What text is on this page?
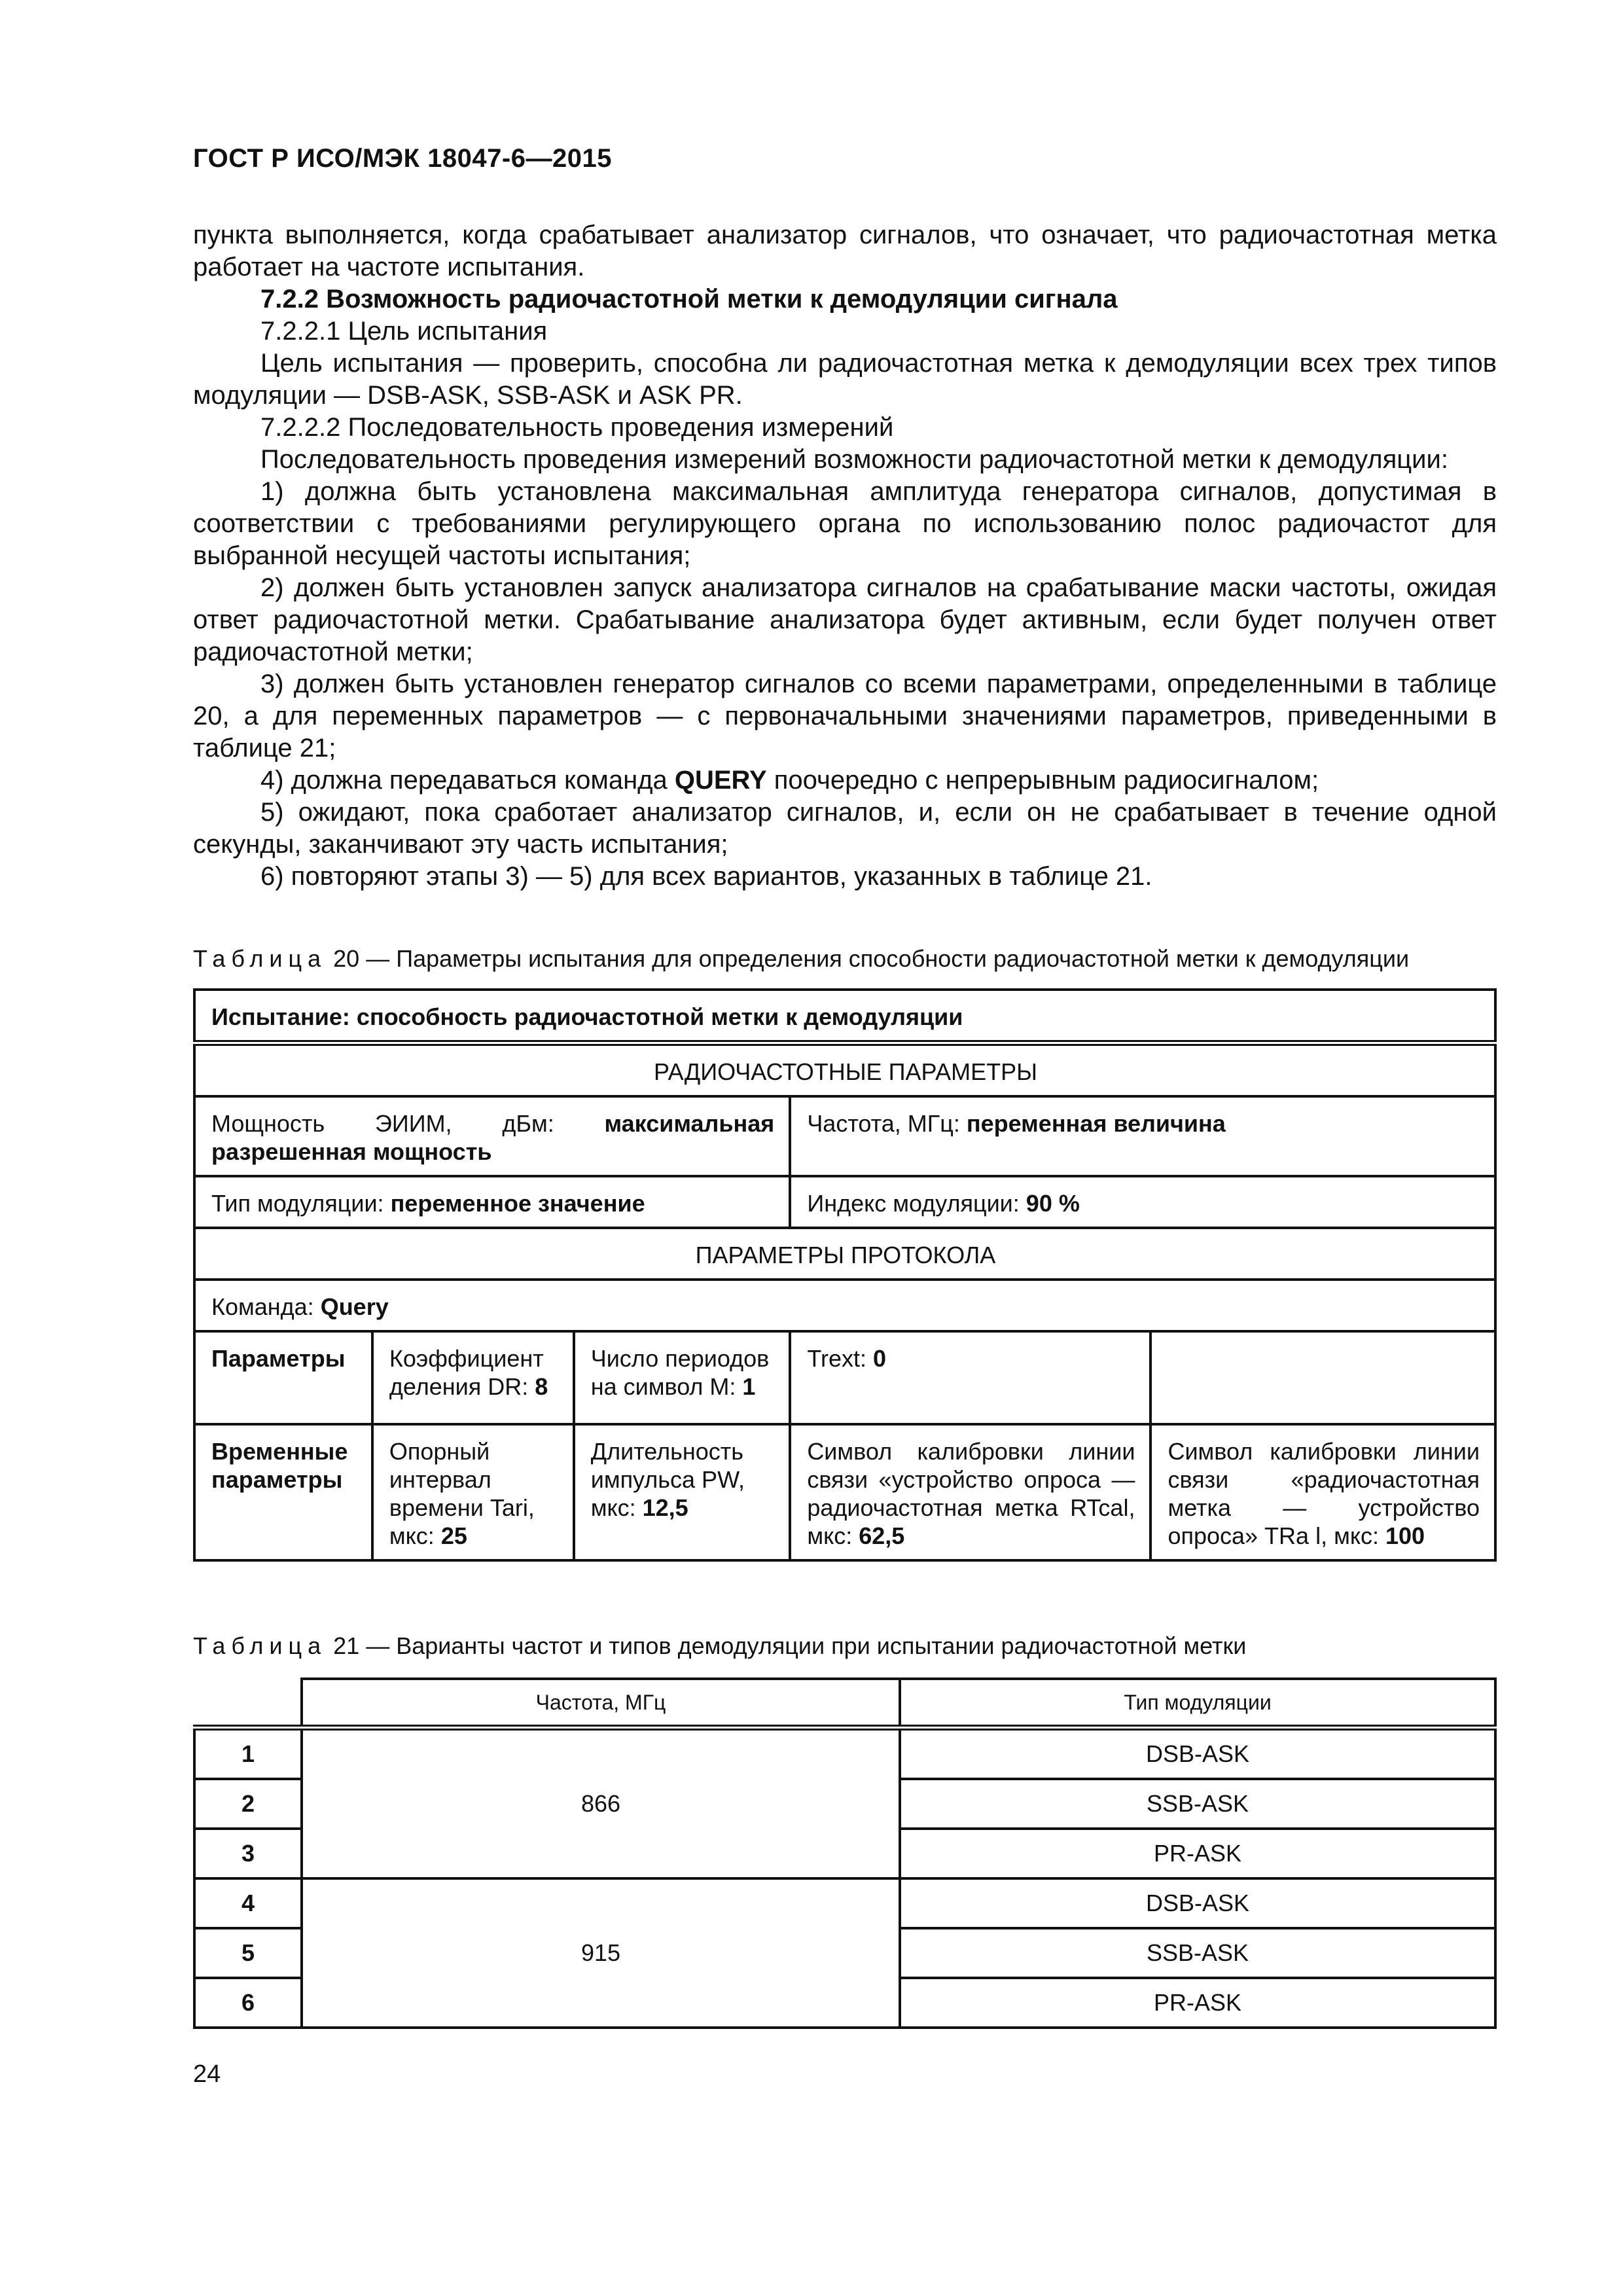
ГОСТ Р ИСО/МЭК 18047-6—2015

пункта выполняется, когда срабатывает анализатор сигналов, что означает, что радиочастотная метка работает на частоте испытания.

7.2.2 Возможность радиочастотной метки к демодуляции сигнала

7.2.2.1 Цель испытания

Цель испытания — проверить, способна ли радиочастотная метка к демодуляции всех трех типов модуляции — DSB-ASK, SSB-ASK и ASK PR.

7.2.2.2 Последовательность проведения измерений

Последовательность проведения измерений возможности радиочастотной метки к демодуляции:

1) должна быть установлена максимальная амплитуда генератора сигналов, допустимая в соответствии с требованиями регулирующего органа по использованию полос радиочастот для выбранной несущей частоты испытания;

2) должен быть установлен запуск анализатора сигналов на срабатывание маски частоты, ожидая ответ радиочастотной метки. Срабатывание анализатора будет активным, если будет получен ответ радиочастотной метки;

3) должен быть установлен генератор сигналов со всеми параметрами, определенными в таблице 20, а для переменных параметров — с первоначальными значениями параметров, приведенными в таблице 21;

4) должна передаваться команда QUERY поочередно с непрерывным радиосигналом;

5) ожидают, пока сработает анализатор сигналов, и, если он не срабатывает в течение одной секунды, заканчивают эту часть испытания;

6) повторяют этапы 3) — 5) для всех вариантов, указанных в таблице 21.

Таблица 20 — Параметры испытания для определения способности радиочастотной метки к демодуляции
Испытание: способность радиочастотной метки к демодуляции				
РАДИОЧАСТОТНЫЕ ПАРАМЕТРЫ				
Мощность ЭИИМ, дБм: максимальная разрешенная мощность			Частота, МГц: переменная величина	
Тип модуляции: переменное значение			Индекс модуляции: 90 %	
ПАРАМЕТРЫ ПРОТОКОЛА				
Команда: Query				
Параметры	Коэффициент деления DR: 8	Число периодов на символ M: 1	Trext: 0	
Временные параметры	Опорный интервал времени Tari, мкс: 25	Длительность импульса PW, мкс: 12,5	Символ калибровки линии связи «устройство опроса — радиочастотная метка RTcal, мкс: 62,5	Символ калибровки линии связи «радиочастотная метка — устройство опроса» TRa l, мкс: 100
Таблица 21 — Варианты частот и типов демодуляции при испытании радиочастотной метки
	Частота, МГц	Тип модуляции
1	866	DSB-ASK
2		SSB-ASK
3		PR-ASK
4	915	DSB-ASK
5		SSB-ASK
6		PR-ASK
24
